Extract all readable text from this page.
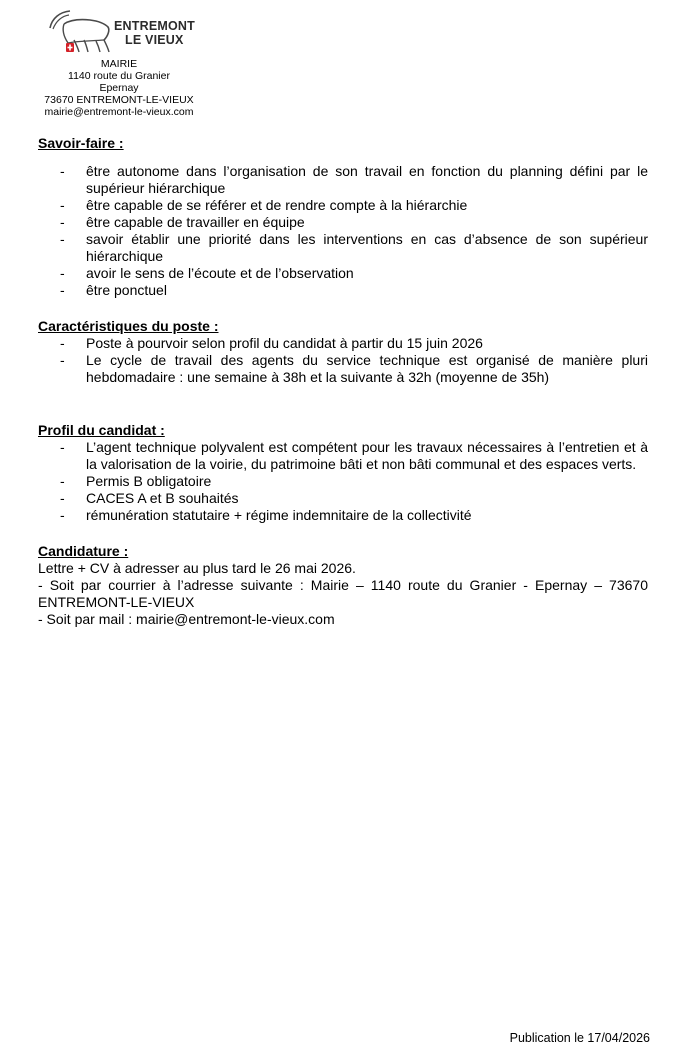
ENTREMONT
LE VIEUX
MAIRIE
1140 route du Granier
Epernay
73670 ENTREMONT-LE-VIEUX
mairie@entremont-le-vieux.com

Savoir-faire :

- être autonome dans l’organisation de son travail en fonction du planning défini par le supérieur hiérarchique
- être capable de se référer et de rendre compte à la hiérarchie
- être capable de travailler en équipe
- savoir établir une priorité dans les interventions en cas d’absence de son supérieur hiérarchique
- avoir le sens de l’écoute et de l’observation
- être ponctuel

Caractéristiques du poste :

- Poste à pourvoir selon profil du candidat à partir du 15 juin 2026
- Le cycle de travail des agents du service technique est organisé de manière pluri hebdomadaire : une semaine à 38h et la suivante à 32h (moyenne de 35h)

Profil du candidat :

- L’agent technique polyvalent est compétent pour les travaux nécessaires à l’entretien et à la valorisation de la voirie, du patrimoine bâti et non bâti communal et des espaces verts.
- Permis B obligatoire
- CACES A et B souhaités
- rémunération statutaire + régime indemnitaire de la collectivité

Candidature :

Lettre + CV à adresser au plus tard le 26 mai 2026.

- Soit par courrier à l’adresse suivante : Mairie – 1140 route du Granier - Epernay – 73670 ENTREMONT-LE-VIEUX

- Soit par mail : mairie@entremont-le-vieux.com

Publication le 17/04/2026
